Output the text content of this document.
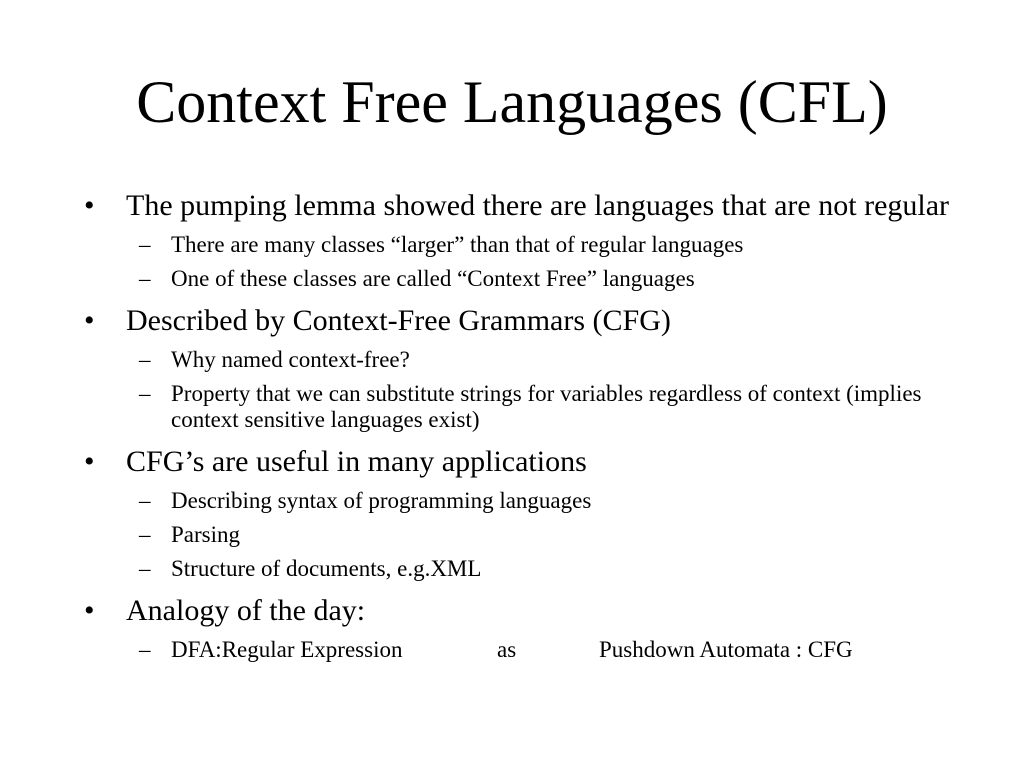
Context Free Languages (CFL)
• The pumping lemma showed there are languages that are not regular
– There are many classes “larger” than that of regular languages
– One of these classes are called “Context Free” languages
• Described by Context-Free Grammars (CFG)
– Why named context-free?
– Property that we can substitute strings for variables regardless of context (implies context sensitive languages exist)
• CFG’s are useful in many applications
– Describing syntax of programming languages
– Parsing
– Structure of documents, e.g.XML
• Analogy of the day:
– DFA:Regular Expression	as	Pushdown Automata : CFG
